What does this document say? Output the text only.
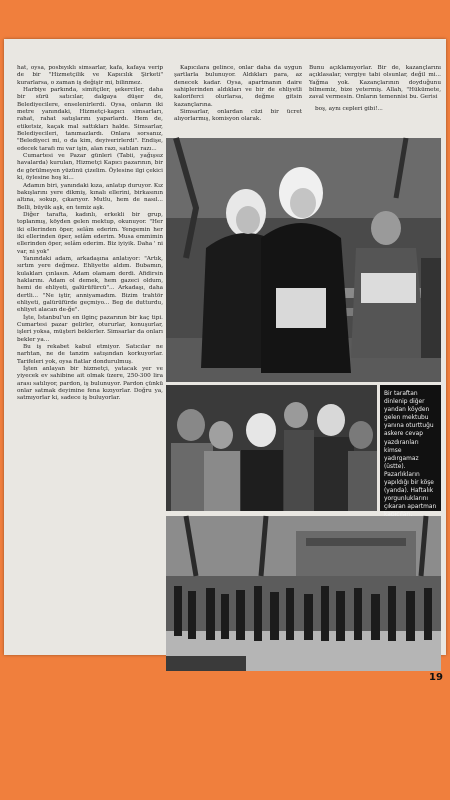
hat, oysa, posbıyıklı simsarlar, kafa, kafaya verip de bir "Hizmetçilik ve Kapıcılık Şirketi" kurarlarsa, o zaman iş değişir mi, bilinmez.

Harbiye parkında, simitçiler, şekerciler, daha bir sürü satıcılar, dalgaya düşer de, Belediyecilere, enselenirlerdi. Oysa, onların iki metre yanındaki, Hizmetçi-kapıcı simsarları, rahat, rahat satışlarını yaparlardı. Hem de, etiketsiz, kaçak mal sattıkları halde. Simsarlar, Belediyecileri, tanımazlardı. Onlara sorsanız, "Belediyeci mi, o da kim, deyiverirlerdi". Endişe, edecek tarafı mı var işin, alan razı, satılan razı...

Cumartesi ve Pazar günleri (Tabii, yağışsız havalarda) kurulan, Hizmetçi Kapıcı pazarının, bir de görülmeyen yüzünü çizelim. Öylesine ilgi çekici ki, öylesine hoş ki...

Adamın biri, yanındaki kıza, anlatıp duruyor. Kız bakışlarını yere dikmiş, kınalı ellerini, birkasının altına, sokup, çıkarıyor. Mutlu, hem de nasıl... Belli, büyük aşk, en temiz aşk.

Diğer tarafta, kadınlı, erkekli bir grup, toplanmış, köyden gelen mektup, okunuyor. "Her iki ellerinden öper, selâm ederim. Yengemin her iki ellerinden öper, selâm ederim. Musa emmimin ellerinden öper, selâm ederim. Biz iyiyik. Daha ' ni var, ni yok"

Yanındaki adam, arkadaşına anlatıyor: "Artık, sırtım yere değmez. Ehliyette aldım. Bubamın, kulakları çınlasın. Adam olamam derdi. Afidirsin haklarını. Adam ol demek, hem gazeci oldum, hemi de ehliyeti, galürüfürcü"... Arkadaşı, daha dertli... "Ne iştir, anniyamadım. Bizim trahtör ehliyeti, galürüfürde geçmiyo... Beg de dutturdu, ehliyet alacan de-ğe".

İşte, İstanbul'un en ilginç pazarının bir kaç tipi. Cumartesi pazar gelirler, otururlar, konuşurlar, işleri yoksa, müşteri beklerler. Simsarlar da onları bekler ya...

Bu iş rekabet kabul etmiyor. Satıcılar ne narhtan, ne de tanzim satışından korkuyorlar. Tarifeleri yok, oysa fiatlar dondurulmuş.

İşten anlayan bir hizmetçi, yatacak yer ve yiyecek ev sahibine ait olmak üzere, 250-300 lira arası satılıyor, pardon, iş bulunuyor. Pardon çünkü onlar satmak deyimine fena kızıyorlar. Doğru ya, satmıyorlar ki, sadece iş buluyorlar.

Kapıcılara gelince, onlar daha da uygun şartlarla bulunuyor. Aldıkları para, az denecek kadar. Oysa, apartmanın daire sahiplerinden aldıkları ve bir de ehliyetli kaloriferci olurlarsa, değme gitsin kazançlarına.

Simsarlar, onlardan cüzi bir ücret alıyorlarmış, komisyon olarak.

Bunu açıklamıyorlar. Bir de, kazançlarını açıklasalar, vergiye tabi olsunlar, değil mi... Yağma yok. Kazançlarının doyduğunu bilmemiz, bize yetermiş. Allah, "Hükümete, zaval vermesin. Onların temennisi bu. Gerisi

boş, aynı cepleri gibi!...

Bir taraftan dinlenip diğer yandan köyden gelen mektubu yanına oturttuğu askere cevap yazdıranları kimse yadırgamaz (üstte). Pazarlıkların yapıldığı bir köşe (yanda). Haftalık yorgunluklarını çıkaran apartman
19
